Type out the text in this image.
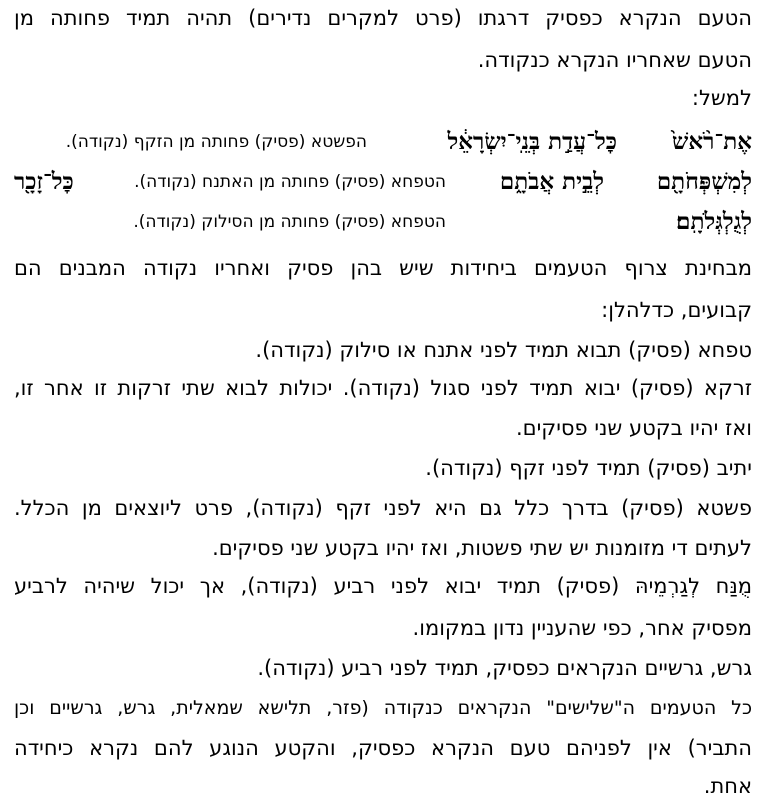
הטעם הנקרא כפסיק דרגתו (פרט למקרים נדירים) תהיה תמיד פחותה מן
הטעם שאחריו הנקרא כנקודה.
למשל:
אֶת־רֹ֨אשׁ֙
כׇּל־עֲדַ֣ת בְּנֵֽי־יִשְׂרָאֵ֔ל
הפשטא (פסיק) פחותה מן הזקף (נקודה).
לְמִשְׁפְּחֹתָ֖ם
לְבֵ֣ית אֲבֹתָ֑ם
הטפחא (פסיק) פחותה מן האתנח (נקודה).
כׇּל־זָכָ֖ר
לְגֻלְגְּלֹתָֽם׃
הטפחא (פסיק) פחותה מן הסילוק (נקודה).
מבחינת צרוף הטעמים ביחידות שיש בהן פסיק ואחריו נקודה המבנים הם
קבועים, כדלהלן:
טפחא (פסיק) תבוא תמיד לפני אתנח או סילוק (נקודה).
זרקא (פסיק) יבוא תמיד לפני סגול (נקודה). יכולות לבוא שתי זרקות זו אחר זו,
ואז יהיו בקטע שני פסיקים.
יתיב (פסיק) תמיד לפני זקף (נקודה).
פשטא (פסיק) בדרך כלל גם היא לפני זקף (נקודה), פרט ליוצאים מן הכלל.
לעתים די מזומנות יש שתי פשטות, ואז יהיו בקטע שני פסיקים.
מֻנַּח לְגַרְמֵיהּ (פסיק) תמיד יבוא לפני רביע (נקודה), אך יכול שיהיה לרביע
מפסיק אחר, כפי שהעניין נדון במקומו.
גרש, גרשיים הנקראים כפסיק, תמיד לפני רביע (נקודה).
כל הטעמים ה"שלישים" הנקראים כנקודה (פזר, תלישא שמאלית, גרש, גרשיים וכן
התביר) אין לפניהם טעם הנקרא כפסיק, והקטע הנוגע להם נקרא כיחידה
אחת.
